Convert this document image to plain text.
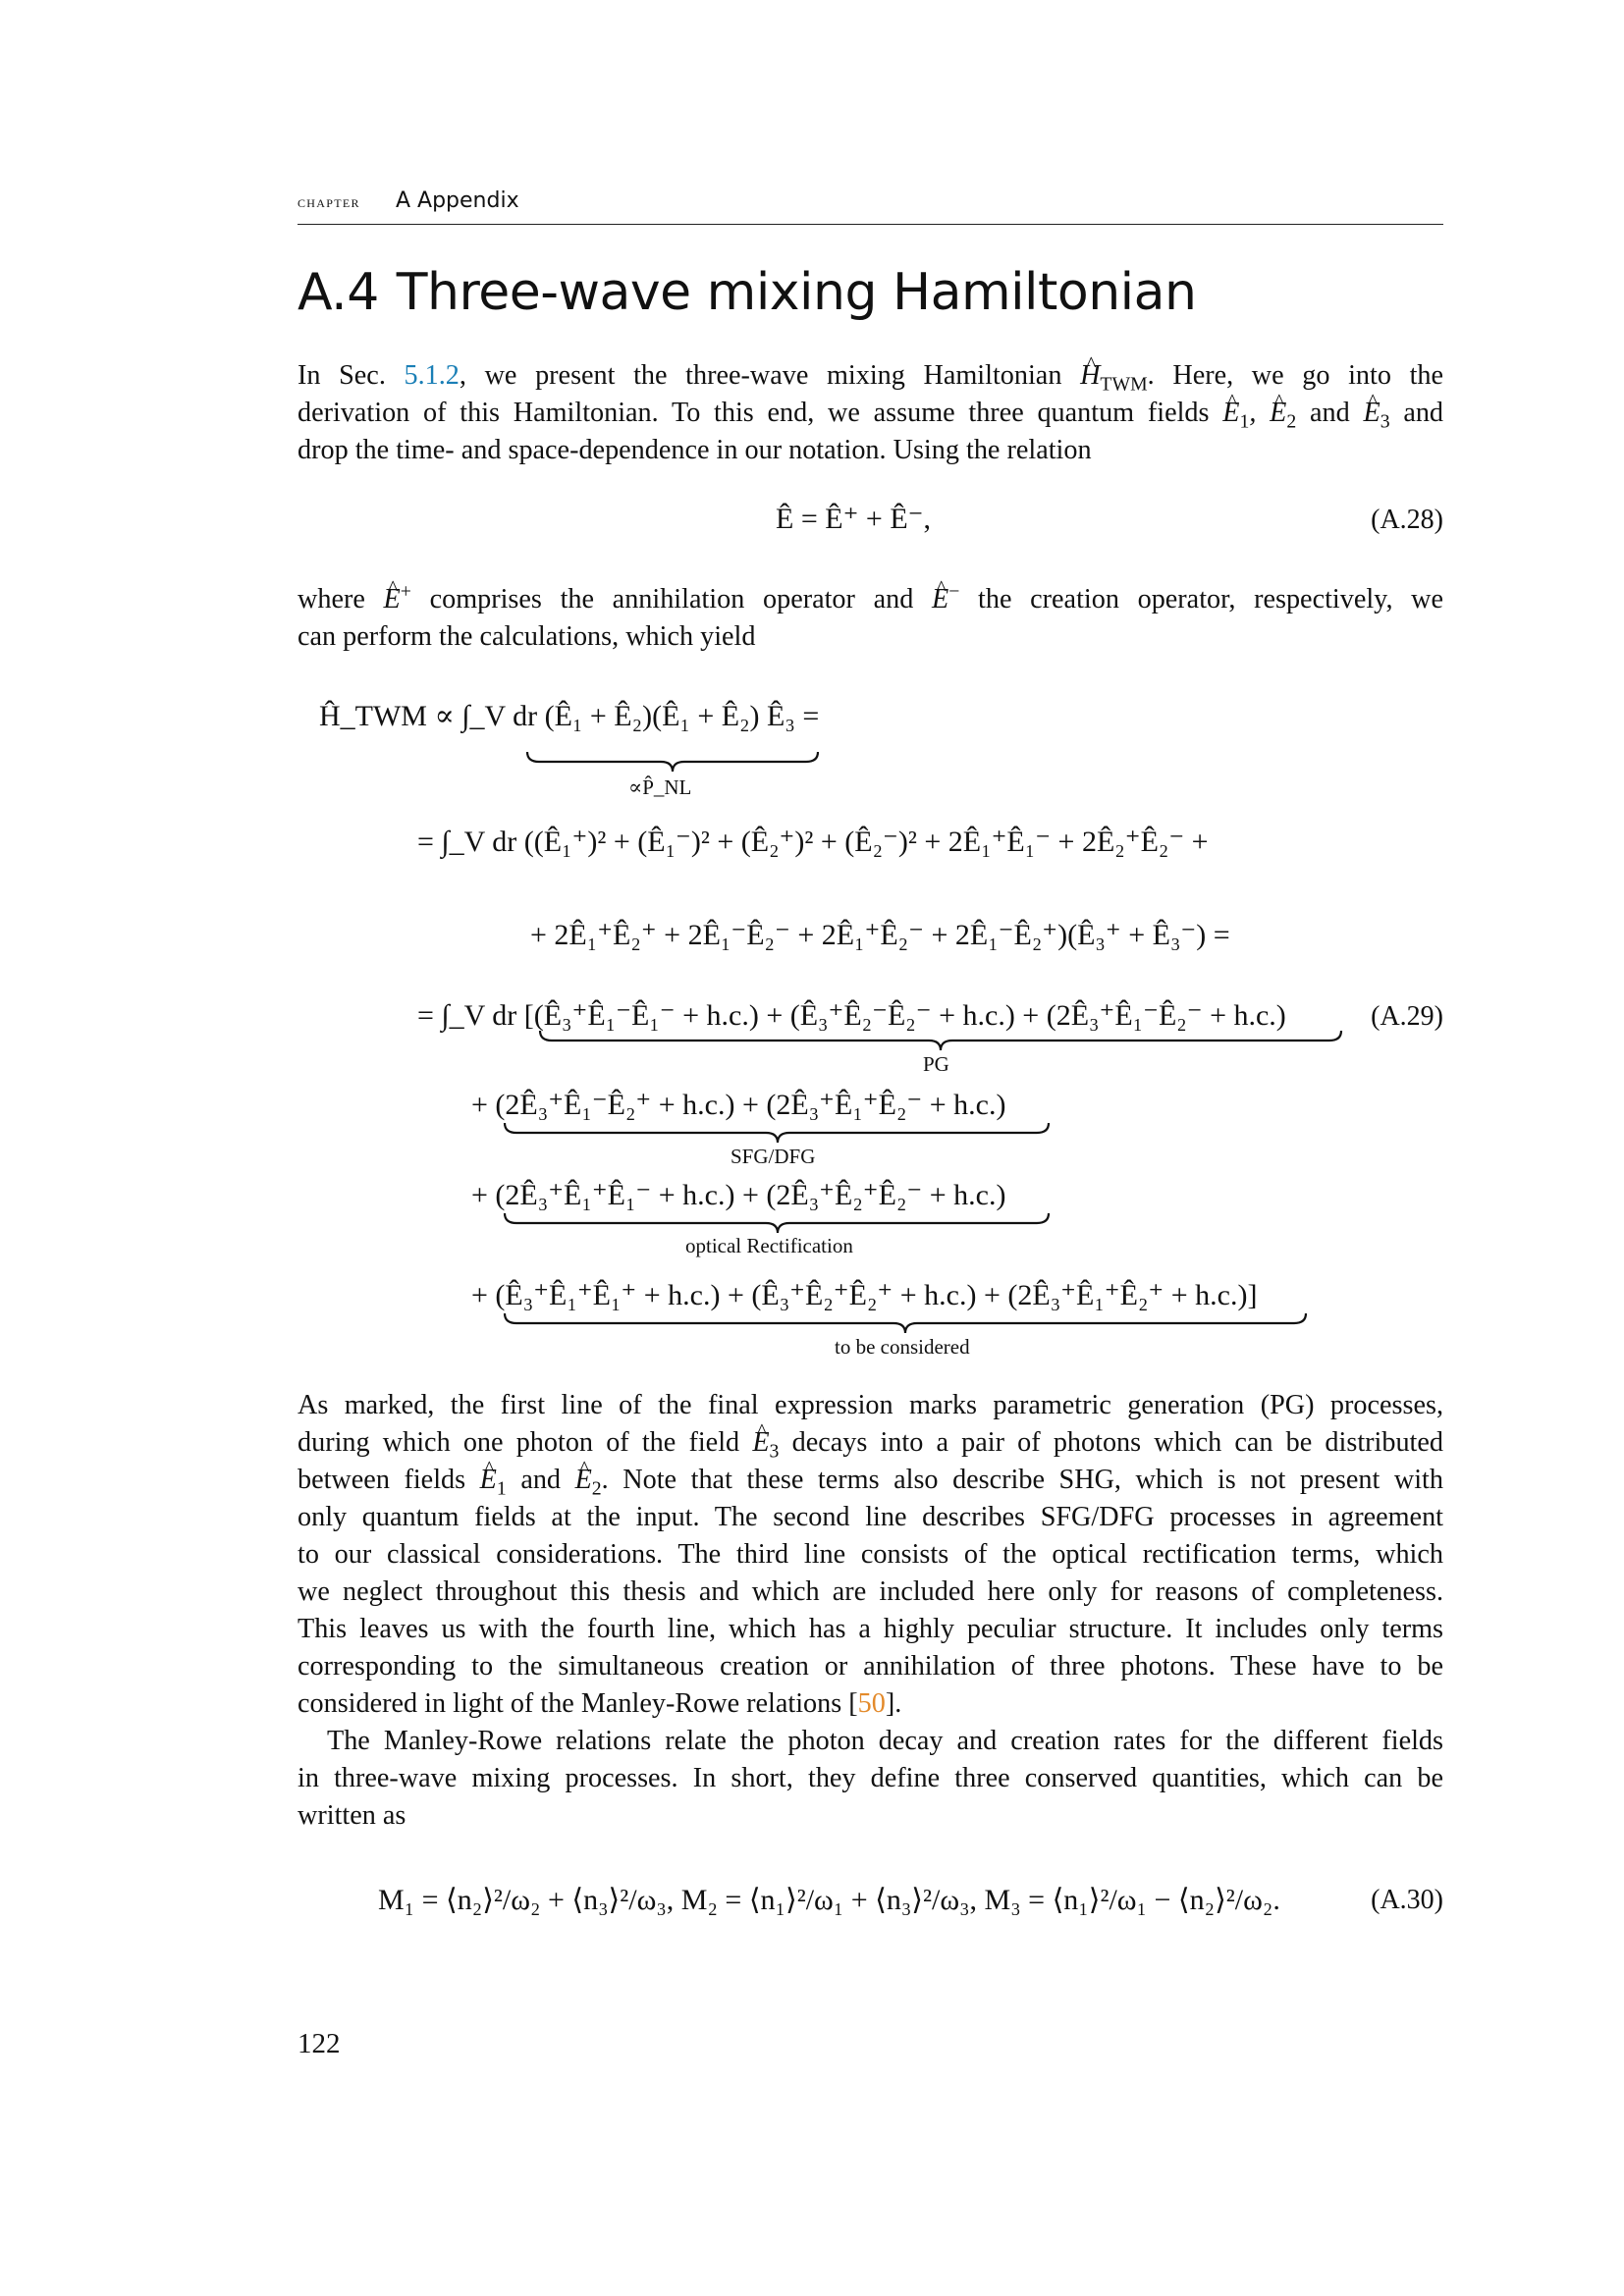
chapter A Appendix
A.4 Three-wave mixing Hamiltonian
In Sec. 5.1.2, we present the three-wave mixing Hamiltonian ^ $H_{TWM}$. Here, we go into the
derivation of this Hamiltonian. To this end, we assume three quantum fields ^ $E_1$, ^ $E_2$ and ^ $E_3$ and
drop the time- and space-dependence in our notation. Using the relation
Ê = Ê⁺ + Ê⁻,	(A.28)
where ^ E+ comprises the annihilation operator and ^ E− the creation operator, respectively, we
can perform the calculations, which yield
Ĥ_TWM ∝ ∫_V dr (Ê₁ + Ê₂)(Ê₁ + Ê₂) Ê₃ =
∝P̂_NL
= ∫_V dr ((Ê₁⁺)² + (Ê₁⁻)² + (Ê₂⁺)² + (Ê₂⁻)² + 2Ê₁⁺Ê₁⁻ + 2Ê₂⁺Ê₂⁻ +
+ 2Ê₁⁺Ê₂⁺ + 2Ê₁⁻Ê₂⁻ + 2Ê₁⁺Ê₂⁻ + 2Ê₁⁻Ê₂⁺)(Ê₃⁺ + Ê₃⁻) =
= ∫_V dr [(Ê₃⁺Ê₁⁻Ê₁⁻ + h.c.) + (Ê₃⁺Ê₂⁻Ê₂⁻ + h.c.) + (2Ê₃⁺Ê₁⁻Ê₂⁻ + h.c.)	(A.29)
PG
+ (2Ê₃⁺Ê₁⁻Ê₂⁺ + h.c.) + (2Ê₃⁺Ê₁⁺Ê₂⁻ + h.c.)
SFG/DFG
+ (2Ê₃⁺Ê₁⁺Ê₁⁻ + h.c.) + (2Ê₃⁺Ê₂⁺Ê₂⁻ + h.c.)
optical Rectification
+ (Ê₃⁺Ê₁⁺Ê₁⁺ + h.c.) + (Ê₃⁺Ê₂⁺Ê₂⁺ + h.c.) + (2Ê₃⁺Ê₁⁺Ê₂⁺ + h.c.)]
to be considered
As marked, the first line of the final expression marks parametric generation (PG) processes,
during which one photon of the field ^ $E_3$ decays into a pair of photons which can be distributed
between fields ^ $E_1$ and ^ $E_2$. Note that these terms also describe SHG, which is not present with
only quantum fields at the input. The second line describes SFG/DFG processes in agreement
to our classical considerations. The third line consists of the optical rectification terms, which
we neglect throughout this thesis and which are included here only for reasons of completeness.
This leaves us with the fourth line, which has a highly peculiar structure. It includes only terms
corresponding to the simultaneous creation or annihilation of three photons. These have to be
considered in light of the Manley-Rowe relations [50].
The Manley-Rowe relations relate the photon decay and creation rates for the different fields
in three-wave mixing processes. In short, they define three conserved quantities, which can be
written as
M₁ = ⟨n₂⟩²/ω₂ + ⟨n₃⟩²/ω₃, M₂ = ⟨n₁⟩²/ω₁ + ⟨n₃⟩²/ω₃, M₃ = ⟨n₁⟩²/ω₁ − ⟨n₂⟩²/ω₂.	(A.30)
122
